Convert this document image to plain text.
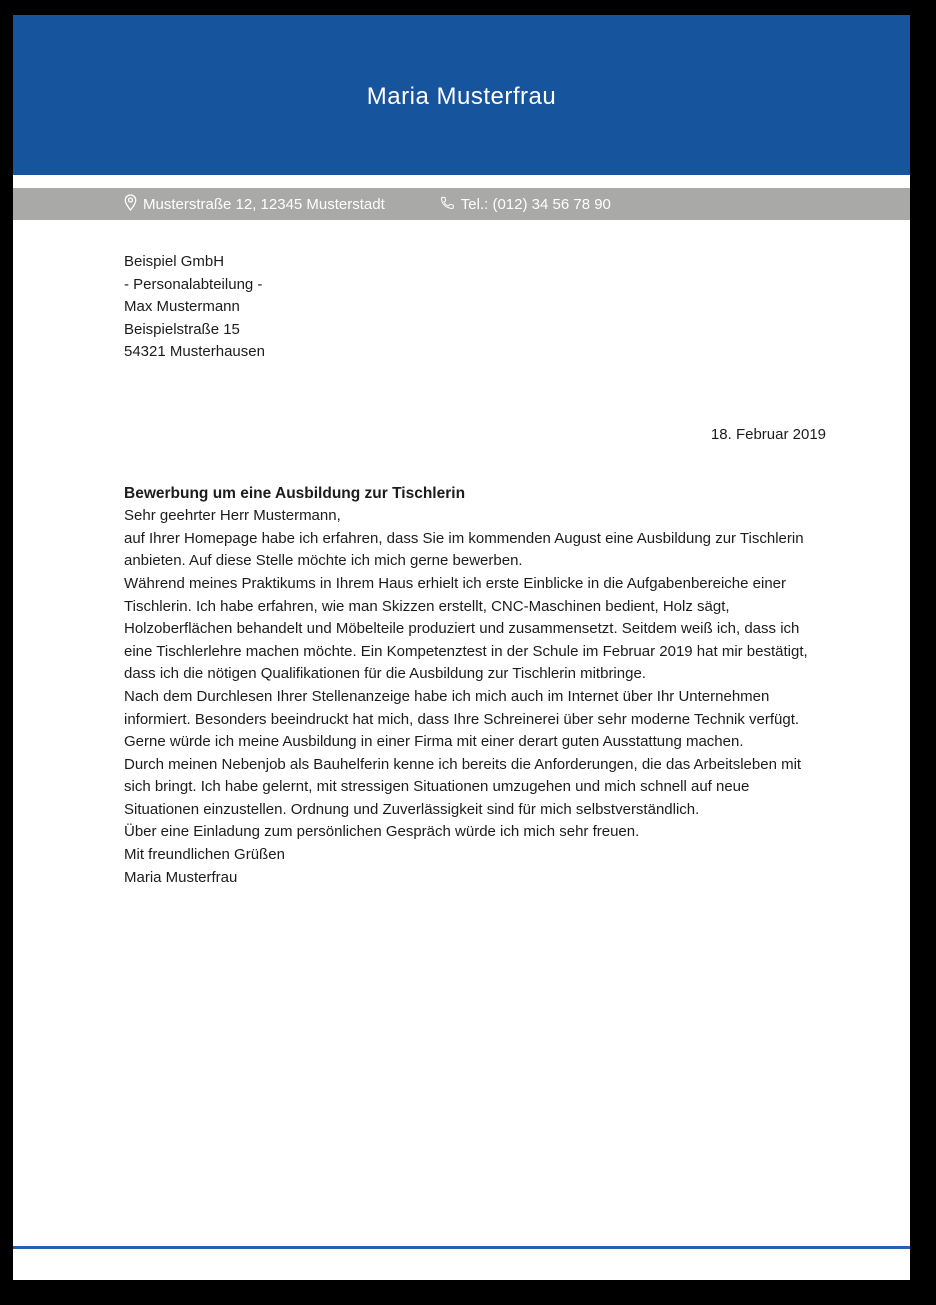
Maria Musterfrau
Musterstraße 12, 12345 Musterstadt	Tel.: (012) 34 56 78 90
Beispiel GmbH
- Personalabteilung -
Max Mustermann
Beispielstraße 15
54321 Musterhausen
18. Februar 2019
Bewerbung um eine Ausbildung zur Tischlerin

Sehr geehrter Herr Mustermann,

auf Ihrer Homepage habe ich erfahren, dass Sie im kommenden August eine Ausbildung zur Tischlerin anbieten. Auf diese Stelle möchte ich mich gerne bewerben.

Während meines Praktikums in Ihrem Haus erhielt ich erste Einblicke in die Aufgabenbereiche einer Tischlerin. Ich habe erfahren, wie man Skizzen erstellt, CNC-Maschinen bedient, Holz sägt, Holzoberflächen behandelt und Möbelteile produziert und zusammensetzt. Seitdem weiß ich, dass ich eine Tischlerlehre machen möchte. Ein Kompetenztest in der Schule im Februar 2019 hat mir bestätigt, dass ich die nötigen Qualifikationen für die Ausbildung zur Tischlerin mitbringe.

Nach dem Durchlesen Ihrer Stellenanzeige habe ich mich auch im Internet über Ihr Unternehmen informiert. Besonders beeindruckt hat mich, dass Ihre Schreinerei über sehr moderne Technik verfügt. Gerne würde ich meine Ausbildung in einer Firma mit einer derart guten Ausstattung machen.

Durch meinen Nebenjob als Bauhelferin kenne ich bereits die Anforderungen, die das Arbeitsleben mit sich bringt. Ich habe gelernt, mit stressigen Situationen umzugehen und mich schnell auf neue Situationen einzustellen. Ordnung und Zuverlässigkeit sind für mich selbstverständlich.

Über eine Einladung zum persönlichen Gespräch würde ich mich sehr freuen.

Mit freundlichen Grüßen

Maria Musterfrau
